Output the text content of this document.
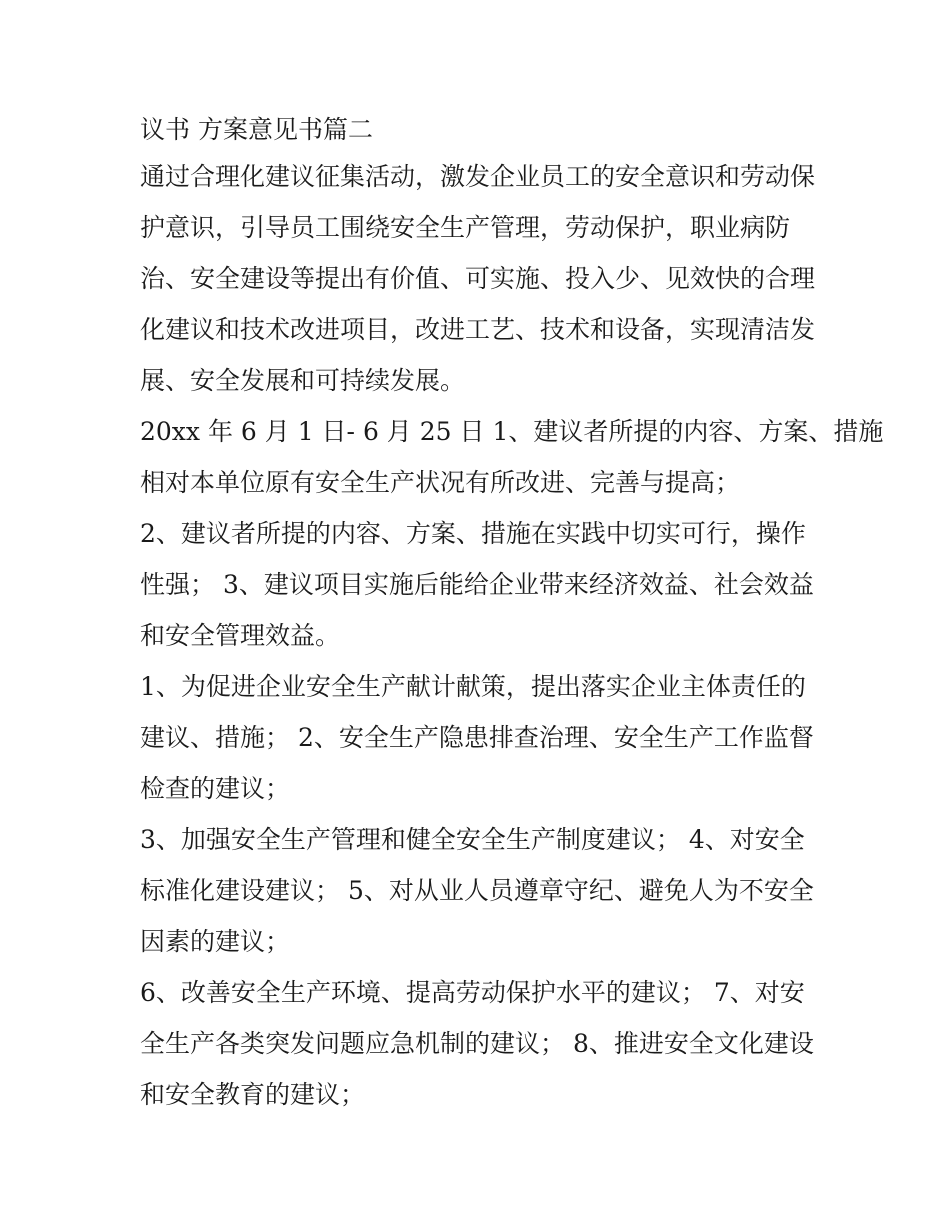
议书 方案意见书篇二
通过合理化建议征集活动，激发企业员工的安全意识和劳动保
护意识，引导员工围绕安全生产管理，劳动保护，职业病防
治、安全建设等提出有价值、可实施、投入少、见效快的合理
化建议和技术改进项目，改进工艺、技术和设备，实现清洁发
展、安全发展和可持续发展。
20xx 年 6 月 1 日- 6 月 25 日 1、建议者所提的内容、方案、措施
相对本单位原有安全生产状况有所改进、完善与提高；
2、建议者所提的内容、方案、措施在实践中切实可行，操作
性强； 3、建议项目实施后能给企业带来经济效益、社会效益
和安全管理效益。
1、为促进企业安全生产献计献策，提出落实企业主体责任的
建议、措施； 2、安全生产隐患排查治理、安全生产工作监督
检查的建议；
3、加强安全生产管理和健全安全生产制度建议； 4、对安全
标准化建设建议； 5、对从业人员遵章守纪、避免人为不安全
因素的建议；
6、改善安全生产环境、提高劳动保护水平的建议； 7、对安
全生产各类突发问题应急机制的建议； 8、推进安全文化建设
和安全教育的建议；
